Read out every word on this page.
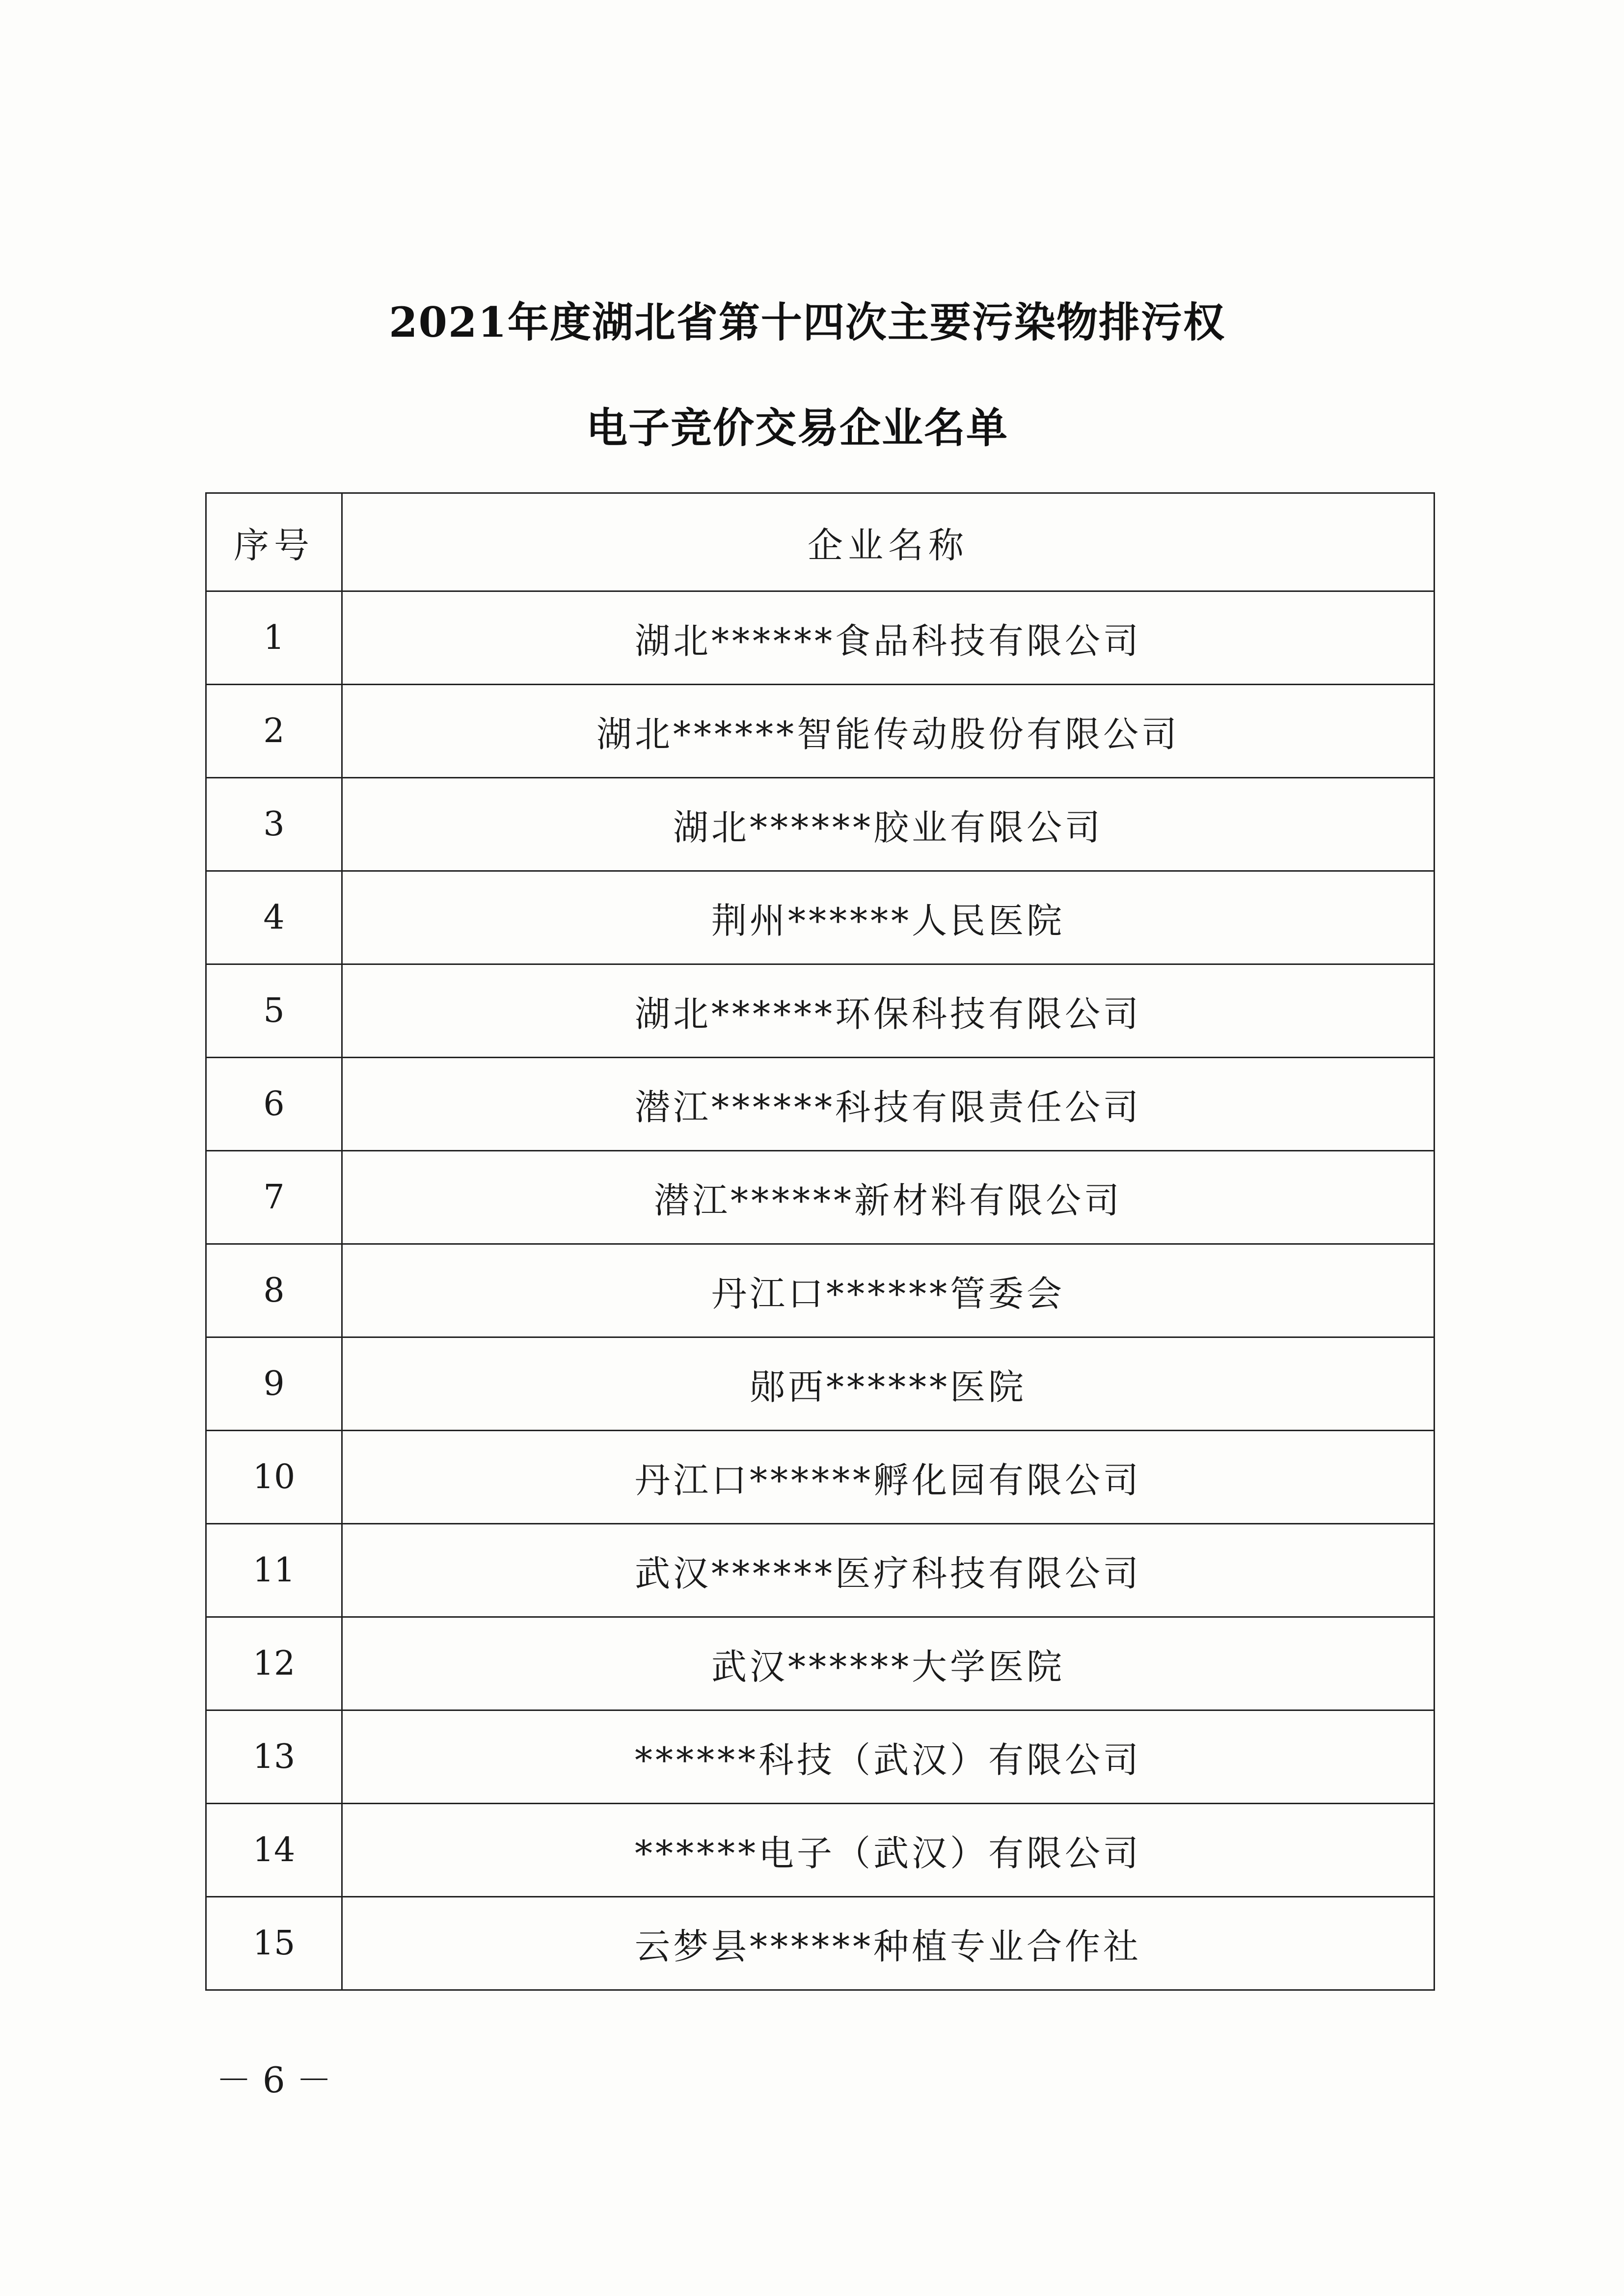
2021年度湖北省第十四次主要污染物排污权
电子竞价交易企业名单
序号	企业名称
1	湖北******食品科技有限公司
2	湖北******智能传动股份有限公司
3	湖北******胶业有限公司
4	荆州******人民医院
5	湖北******环保科技有限公司
6	潜江******科技有限责任公司
7	潜江******新材料有限公司
8	丹江口******管委会
9	郧西******医院
10	丹江口******孵化园有限公司
11	武汉******医疗科技有限公司
12	武汉******大学医院
13	******科技（武汉）有限公司
14	******电子（武汉）有限公司
15	云梦县******种植专业合作社
－ 6 －
